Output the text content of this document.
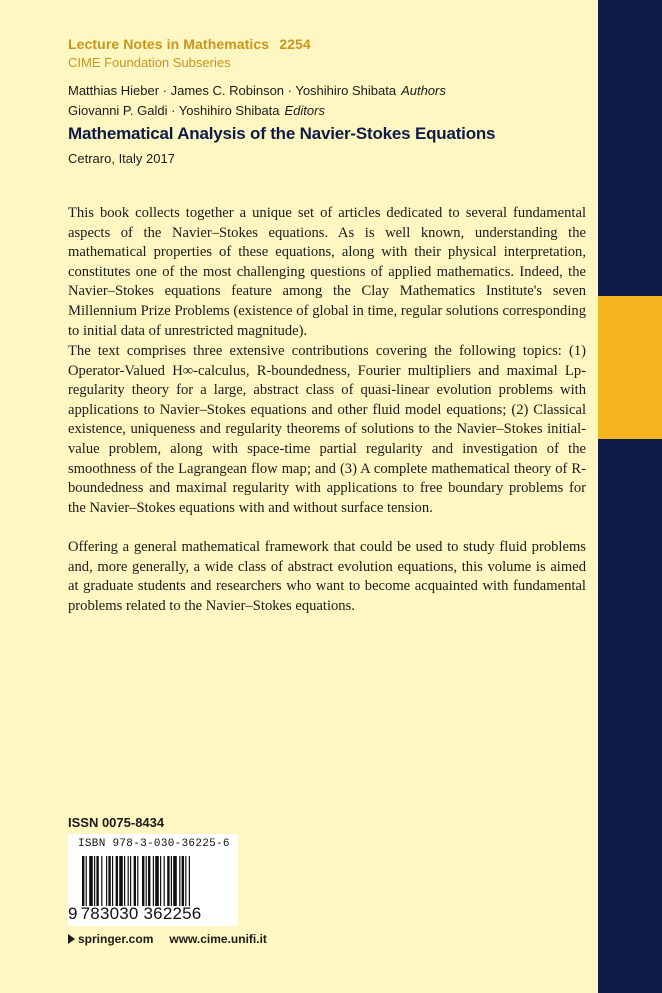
Lecture Notes in Mathematics 2254
CIME Foundation Subseries
Matthias Hieber · James C. Robinson · Yoshihiro Shibata Authors
Giovanni P. Galdi · Yoshihiro Shibata Editors
Mathematical Analysis of the Navier-Stokes Equations
Cetraro, Italy 2017

This book collects together a unique set of articles dedicated to several fundamental aspects of the Navier–Stokes equations. As is well known, understanding the mathematical properties of these equations, along with their physical interpretation, constitutes one of the most challenging questions of applied mathematics. Indeed, the Navier–Stokes equations feature among the Clay Mathematics Institute's seven Millennium Prize Problems (existence of global in time, regular solutions corresponding to initial data of unrestricted magnitude).

The text comprises three extensive contributions covering the following topics: (1) Operator-Valued H∞-calculus, R-boundedness, Fourier multipliers and maximal Lp-regularity theory for a large, abstract class of quasi-linear evolution problems with applications to Navier–Stokes equations and other fluid model equations; (2) Classical existence, uniqueness and regularity theorems of solutions to the Navier–Stokes initial-value problem, along with space-time partial regularity and investigation of the smoothness of the Lagrangean flow map; and (3) A complete mathematical theory of R-boundedness and maximal regularity with applications to free boundary problems for the Navier–Stokes equations with and without surface tension.

Offering a general mathematical framework that could be used to study fluid problems and, more generally, a wide class of abstract evolution equations, this volume is aimed at graduate students and researchers who want to become acquainted with fundamental problems related to the Navier–Stokes equations.

ISSN 0075-8434
ISBN 978-3-030-36225-6
9 783030 362256
springer.com www.cime.unifi.it
